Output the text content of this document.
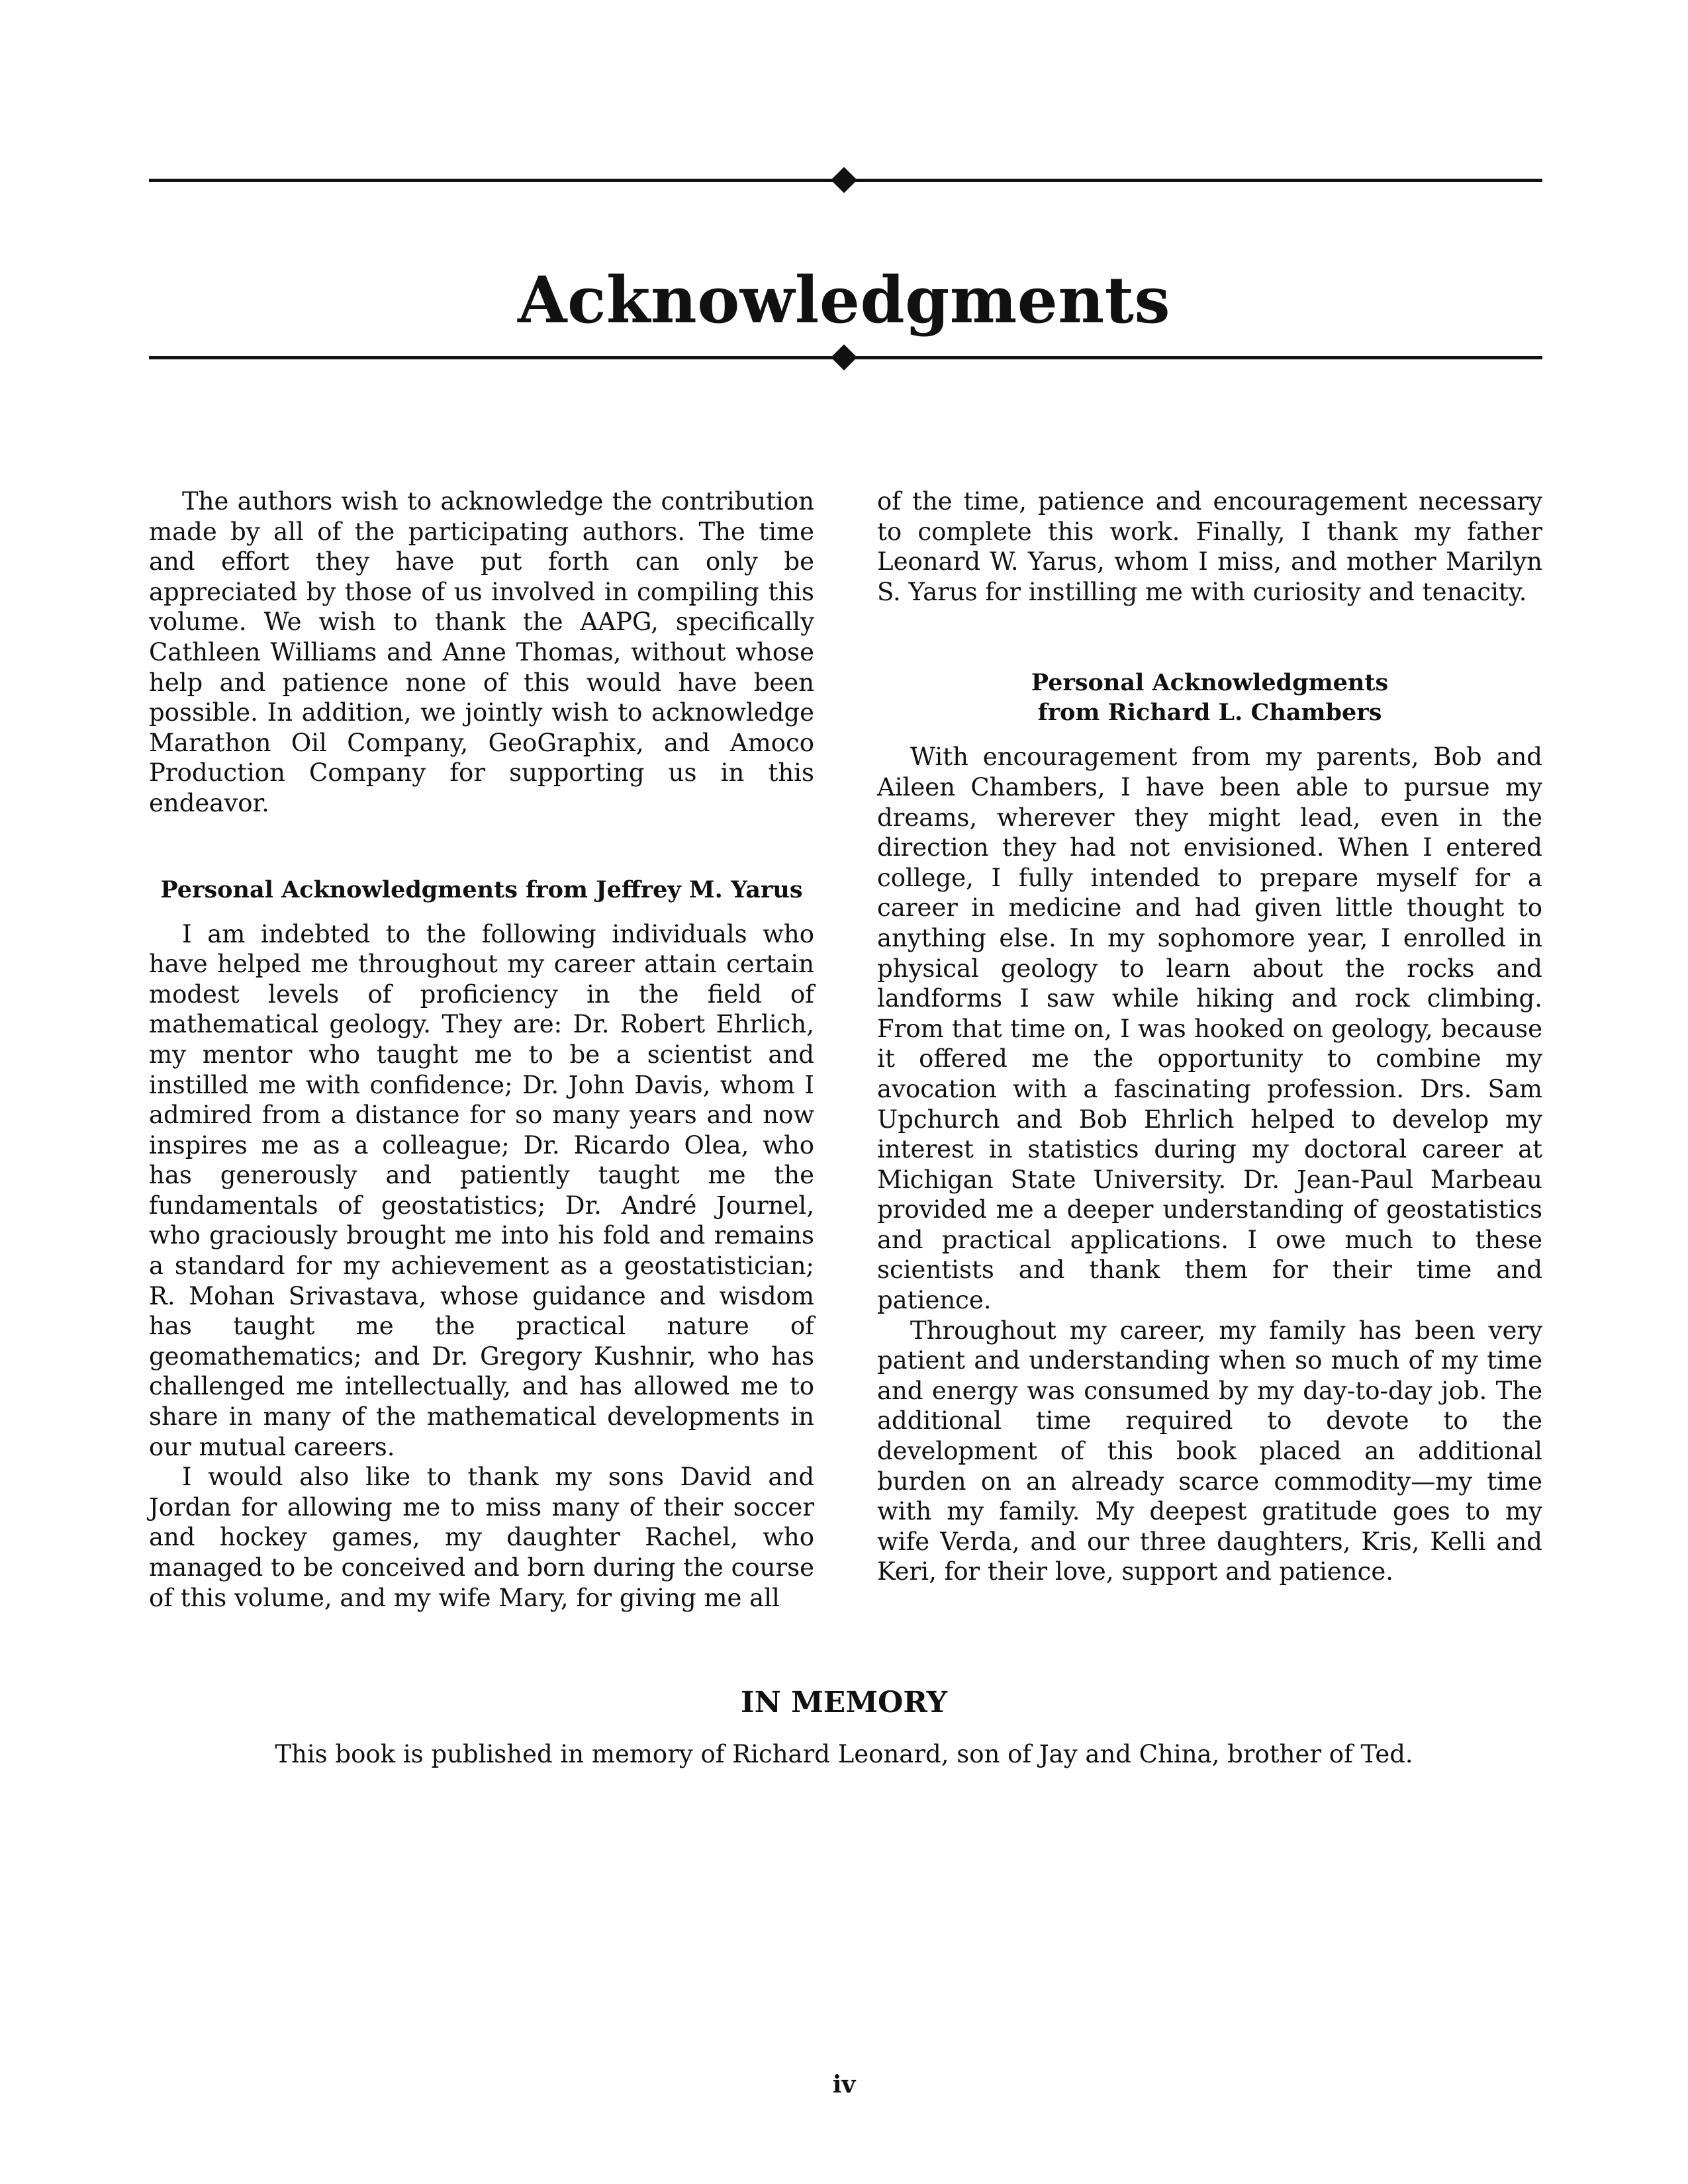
Acknowledgments

The authors wish to acknowledge the contribution made by all of the participating authors. The time and effort they have put forth can only be appreciated by those of us involved in compiling this volume. We wish to thank the AAPG, specifically Cathleen Williams and Anne Thomas, without whose help and patience none of this would have been possible. In addition, we jointly wish to acknowledge Marathon Oil Company, GeoGraphix, and Amoco Production Company for supporting us in this endeavor.

Personal Acknowledgments from Jeffrey M. Yarus

I am indebted to the following individuals who have helped me throughout my career attain certain modest levels of proficiency in the field of mathematical geology. They are: Dr. Robert Ehrlich, my mentor who taught me to be a scientist and instilled me with confidence; Dr. John Davis, whom I admired from a distance for so many years and now inspires me as a colleague; Dr. Ricardo Olea, who has generously and patiently taught me the fundamentals of geostatistics; Dr. André Journel, who graciously brought me into his fold and remains a standard for my achievement as a geostatistician; R. Mohan Srivastava, whose guidance and wisdom has taught me the practical nature of geomathematics; and Dr. Gregory Kushnir, who has challenged me intellectually, and has allowed me to share in many of the mathematical developments in our mutual careers.

I would also like to thank my sons David and Jordan for allowing me to miss many of their soccer and hockey games, my daughter Rachel, who managed to be conceived and born during the course of this volume, and my wife Mary, for giving me all

of the time, patience and encouragement necessary to complete this work. Finally, I thank my father Leonard W. Yarus, whom I miss, and mother Marilyn S. Yarus for instilling me with curiosity and tenacity.

Personal Acknowledgments
from Richard L. Chambers

With encouragement from my parents, Bob and Aileen Chambers, I have been able to pursue my dreams, wherever they might lead, even in the direction they had not envisioned. When I entered college, I fully intended to prepare myself for a career in medicine and had given little thought to anything else. In my sophomore year, I enrolled in physical geology to learn about the rocks and landforms I saw while hiking and rock climbing. From that time on, I was hooked on geology, because it offered me the opportunity to combine my avocation with a fascinating profession. Drs. Sam Upchurch and Bob Ehrlich helped to develop my interest in statistics during my doctoral career at Michigan State University. Dr. Jean-Paul Marbeau provided me a deeper understanding of geostatistics and practical applications. I owe much to these scientists and thank them for their time and patience.

Throughout my career, my family has been very patient and understanding when so much of my time and energy was consumed by my day-to-day job. The additional time required to devote to the development of this book placed an additional burden on an already scarce commodity—my time with my family. My deepest gratitude goes to my wife Verda, and our three daughters, Kris, Kelli and Keri, for their love, support and patience.

IN MEMORY
This book is published in memory of Richard Leonard, son of Jay and China, brother of Ted.
iv
